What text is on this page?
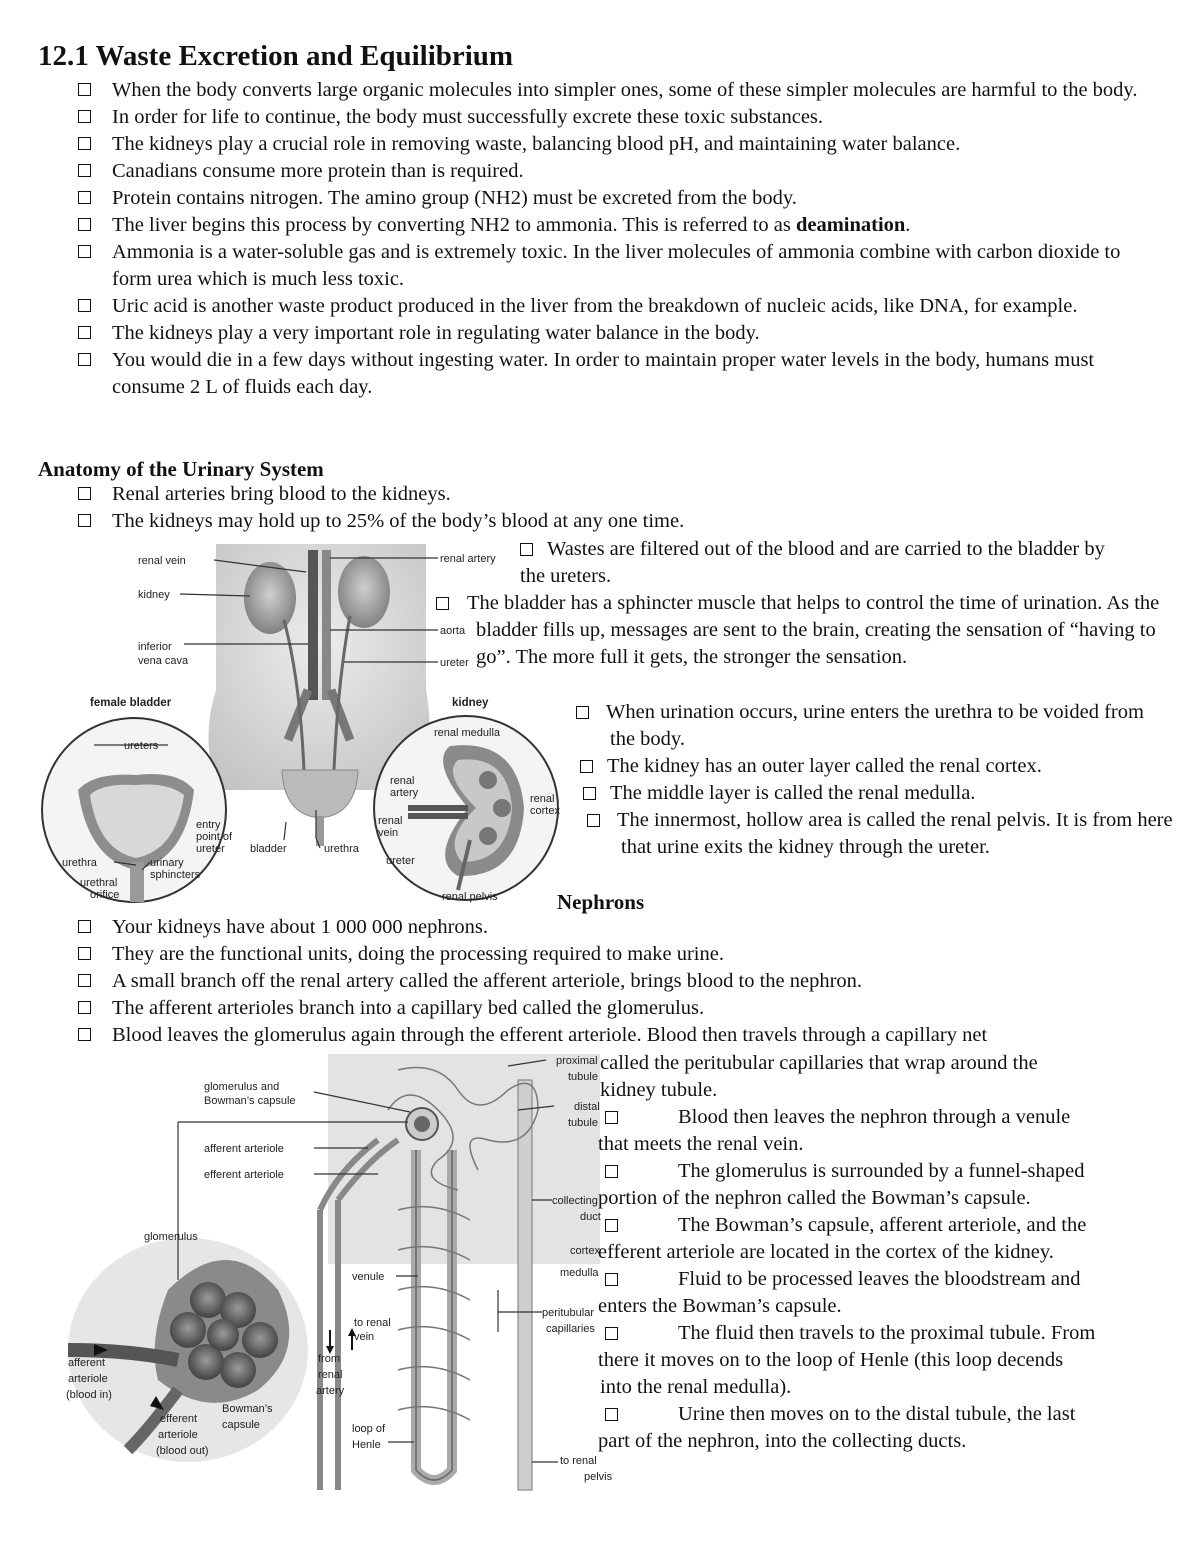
12.1 Waste Excretion and Equilibrium
When the body converts large organic molecules into simpler ones, some of these simpler molecules are harmful to the body.
In order for life to continue, the body must successfully excrete these toxic substances.
The kidneys play a crucial role in removing waste, balancing blood pH, and maintaining water balance.
Canadians consume more protein than is required.
Protein contains nitrogen. The amino group (NH2) must be excreted from the body.
The liver begins this process by converting NH2 to ammonia. This is referred to as deamination.
Ammonia is a water-soluble gas and is extremely toxic. In the liver molecules of ammonia combine with carbon dioxide to form urea which is much less toxic.
Uric acid is another waste product produced in the liver from the breakdown of nucleic acids, like DNA, for example.
The kidneys play a very important role in regulating water balance in the body.
You would die in a few days without ingesting water. In order to maintain proper water levels in the body, humans must consume 2 L of fluids each day.
Anatomy of the Urinary System
Renal arteries bring blood to the kidneys.
The kidneys may hold up to 25% of the body’s blood at any one time.
renal vein
kidney
inferior
vena cava
renal artery
aorta
ureter
female bladder	kidney
ureters
entry
point of
ureter
urethra	urinary
sphincters
urethral
orifice
bladder	urethra
renal medulla
renal
artery
renal
vein
renal
cortex
ureter
renal pelvis
Wastes are filtered out of the blood and are carried to the bladder by the ureters.
The bladder has a sphincter muscle that helps to control the time of urination. As the bladder fills up, messages are sent to the brain, creating the sensation of “having to go”. The more full it gets, the stronger the sensation.
When urination occurs, urine enters the urethra to be voided from the body.
The kidney has an outer layer called the renal cortex.
The middle layer is called the renal medulla.
The innermost, hollow area is called the renal pelvis. It is from here that urine exits the kidney through the ureter.
Nephrons
Your kidneys have about 1 000 000 nephrons.
They are the functional units, doing the processing required to make urine.
A small branch off the renal artery called the afferent arteriole, brings blood to the nephron.
The afferent arterioles branch into a capillary bed called the glomerulus.
Blood leaves the glomerulus again through the efferent arteriole. Blood then travels through a capillary net
glomerulus and
Bowman’s capsule
afferent arteriole
efferent arteriole
glomerulus
afferent
arteriole
(blood in)
efferent
arteriole
(blood out)
Bowman’s
capsule
venule
to renal
vein
from
renal
artery
loop of
Henle
proximal
tubule
distal
tubule
collecting
duct
cortex
medulla
peritubular
capillaries
to renal
pelvis
called the peritubular capillaries that wrap around the
kidney tubule.
Blood then leaves the nephron through a venule
that meets the renal vein.
The glomerulus is surrounded by a funnel-shaped
portion of the nephron called the Bowman’s capsule.
The Bowman’s capsule, afferent arteriole, and the
efferent arteriole are located in the cortex of the kidney.
Fluid to be processed leaves the bloodstream and
enters the Bowman’s capsule.
The fluid then travels to the proximal tubule. From
there it moves on to the loop of Henle (this loop decends
into the renal medulla).
Urine then moves on to the distal tubule, the last
part of the nephron, into the collecting ducts.
